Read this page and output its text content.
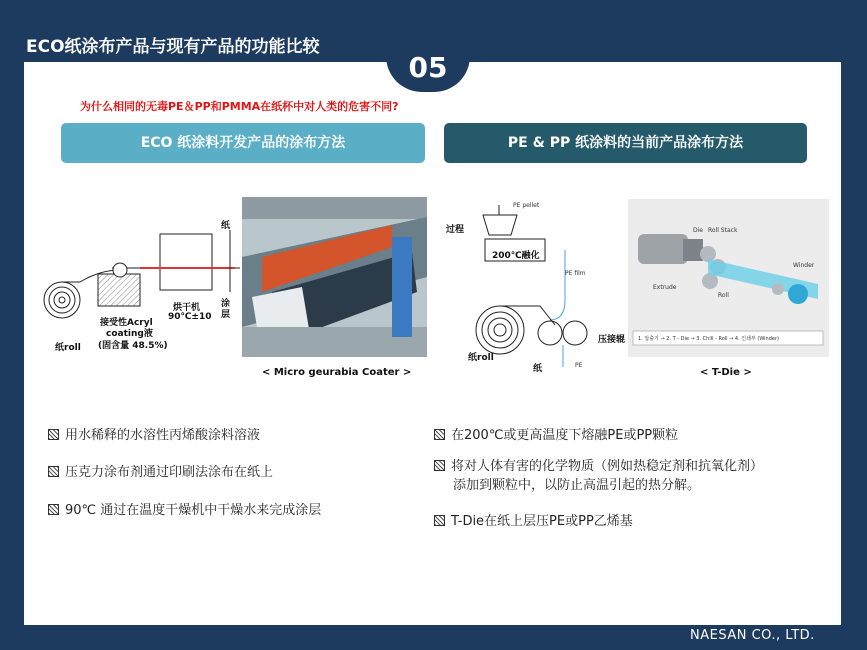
ECO纸涂布产品与现有产品的功能比较
05
为什么相同的无毒PE＆PP和PMMA在纸杯中对人类的危害不同?
ECO 纸涂料开发产品的涂布方法	PE & PP 纸涂料的当前产品涂布方法
纸roll
接受性Acryl
coating液
(固含量 48.5%)
烘干机
90℃±10
纸
涂
层
< Micro geurabia Coater >
过程
PE pellet
200℃融化
PE film
压接辊
纸roll
纸	PE
Die Roll Stack
Winder
Extrude
Roll
1. 압출기 → 2. T - Die → 3. Chill - Roll → 4. 인쇄부 (Winder)
< T-Die >
用水稀释的水溶性丙烯酸涂料溶液
压克力涂布剂通过印刷法涂布在纸上
90℃ 通过在温度干燥机中干燥水来完成涂层
在200℃或更高温度下熔融PE或PP颗粒
将对人体有害的化学物质（例如热稳定剂和抗氧化剂）
添加到颗粒中，以防止高温引起的热分解。
T-Die在纸上层压PE或PP乙烯基
NAESAN CO., LTD.
